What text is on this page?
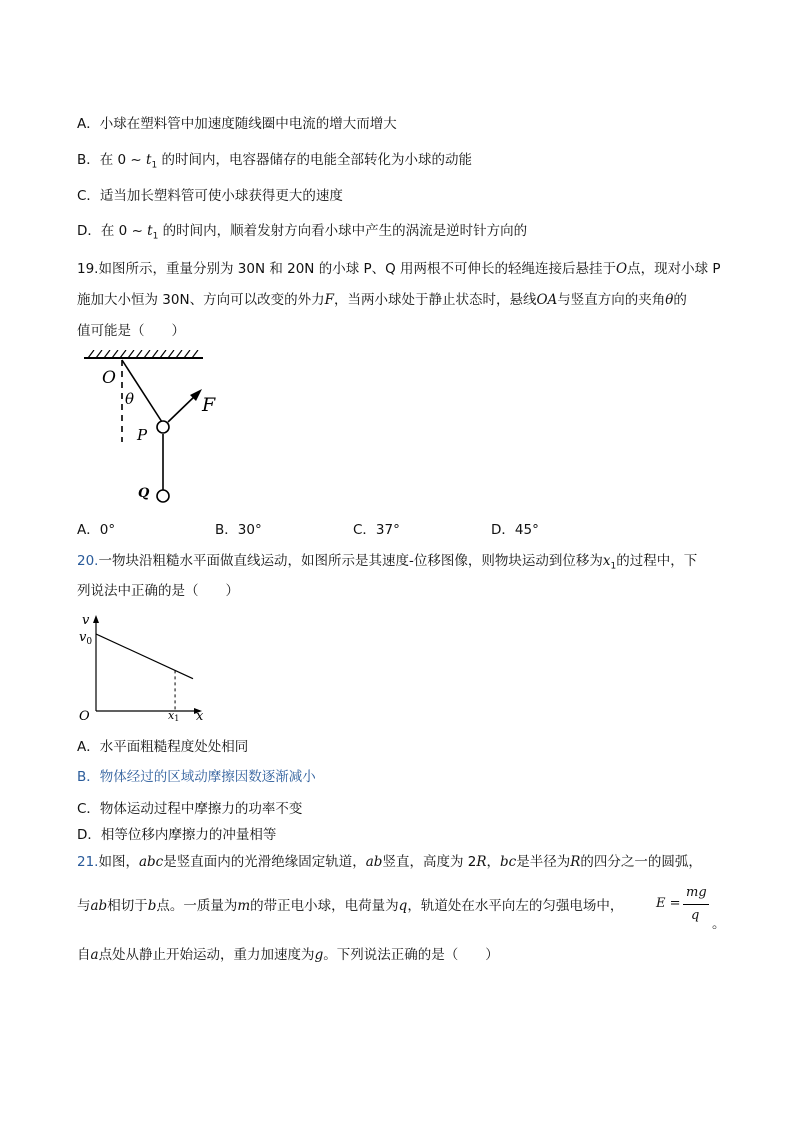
A．小球在塑料管中加速度随线圈中电流的增大而增大
B．在 0 ~ $t_1$ 的时间内，电容器储存的电能全部转化为小球的动能
C．适当加长塑料管可使小球获得更大的速度
D．在 0 ~ $t_1$ 的时间内，顺着发射方向看小球中产生的涡流是逆时针方向的
19.如图所示，重量分别为 30N 和 20N 的小球 P、Q 用两根不可伸长的轻绳连接后悬挂于O点，现对小球 P
施加大小恒为 30N、方向可以改变的外力F，当两小球处于静止状态时，悬线OA与竖直方向的夹角θ的
值可能是（　　）
O
θ
P
F
Q
A．0°	B．30°	C．37°	D．45°
20.一物块沿粗糙水平面做直线运动，如图所示是其速度-位移图像，则物块运动到位移为$x_1$的过程中，下
列说法中正确的是（　　）
v
$v_0$
O	x1 x
A．水平面粗糙程度处处相同
B．物体经过的区域动摩擦因数逐渐减小
C．物体运动过程中摩擦力的功率不变
D．相等位移内摩擦力的冲量相等
21.如图，abc是竖直面内的光滑绝缘固定轨道，ab竖直，高度为 2R，bc是半径为R的四分之一的圆弧，
与ab相切于b点。一质量为m的带正电小球，电荷量为q，轨道处在水平向左的匀强电场中，	E =
mg
q
。
自a点处从静止开始运动，重力加速度为g。下列说法正确的是（　　）
